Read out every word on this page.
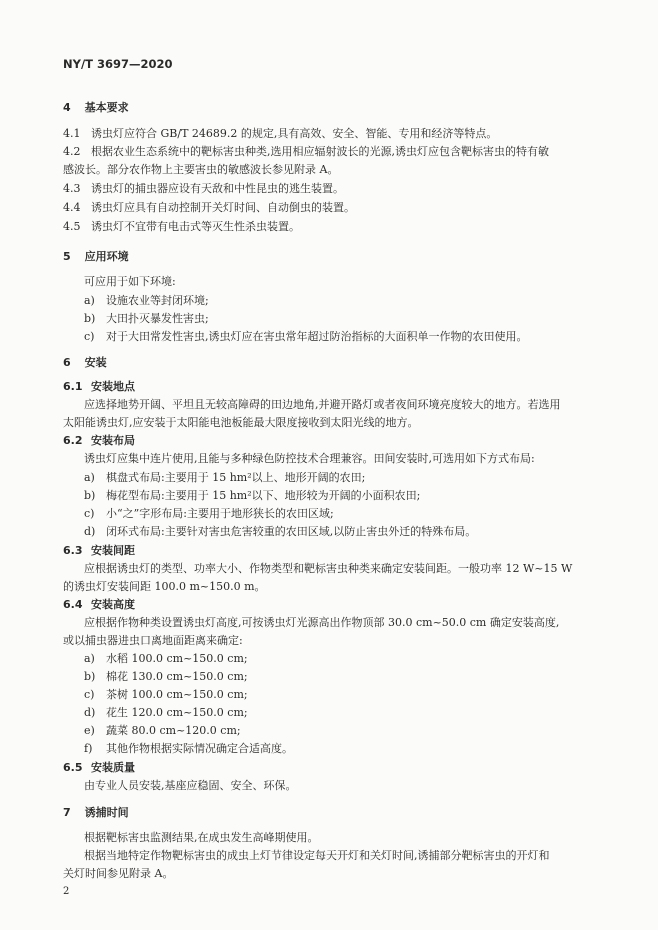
NY/T 3697—2020
4 基本要求
4.1 诱虫灯应符合 GB/T 24689.2 的规定,具有高效、安全、智能、专用和经济等特点。
4.2 根据农业生态系统中的靶标害虫种类,选用相应辐射波长的光源,诱虫灯应包含靶标害虫的特有敏
感波长。部分农作物上主要害虫的敏感波长参见附录 A。
4.3 诱虫灯的捕虫器应设有天敌和中性昆虫的逃生装置。
4.4 诱虫灯应具有自动控制开关灯时间、自动倒虫的装置。
4.5 诱虫灯不宜带有电击式等灭生性杀虫装置。
5 应用环境
可应用于如下环境:
a) 设施农业等封闭环境;
b) 大田扑灭暴发性害虫;
c) 对于大田常发性害虫,诱虫灯应在害虫常年超过防治指标的大面积单一作物的农田使用。
6 安装
6.1 安装地点
应选择地势开阔、平坦且无较高障碍的田边地角,并避开路灯或者夜间环境亮度较大的地方。若选用
太阳能诱虫灯,应安装于太阳能电池板能最大限度接收到太阳光线的地方。
6.2 安装布局
诱虫灯应集中连片使用,且能与多种绿色防控技术合理兼容。田间安装时,可选用如下方式布局:
a) 棋盘式布局:主要用于 15 hm²以上、地形开阔的农田;
b) 梅花型布局:主要用于 15 hm²以下、地形较为开阔的小面积农田;
c) 小“之”字形布局:主要用于地形狭长的农田区域;
d) 闭环式布局:主要针对害虫危害较重的农田区域,以防止害虫外迁的特殊布局。
6.3 安装间距
应根据诱虫灯的类型、功率大小、作物类型和靶标害虫种类来确定安装间距。一般功率 12 W~15 W
的诱虫灯安装间距 100.0 m~150.0 m。
6.4 安装高度
应根据作物种类设置诱虫灯高度,可按诱虫灯光源高出作物顶部 30.0 cm~50.0 cm 确定安装高度,
或以捕虫器进虫口离地面距离来确定:
a) 水稻 100.0 cm~150.0 cm;
b) 棉花 130.0 cm~150.0 cm;
c) 茶树 100.0 cm~150.0 cm;
d) 花生 120.0 cm~150.0 cm;
e) 蔬菜 80.0 cm~120.0 cm;
f) 其他作物根据实际情况确定合适高度。
6.5 安装质量
由专业人员安装,基座应稳固、安全、环保。
7 诱捕时间
根据靶标害虫监测结果,在成虫发生高峰期使用。
根据当地特定作物靶标害虫的成虫上灯节律设定每天开灯和关灯时间,诱捕部分靶标害虫的开灯和
关灯时间参见附录 A。
2
